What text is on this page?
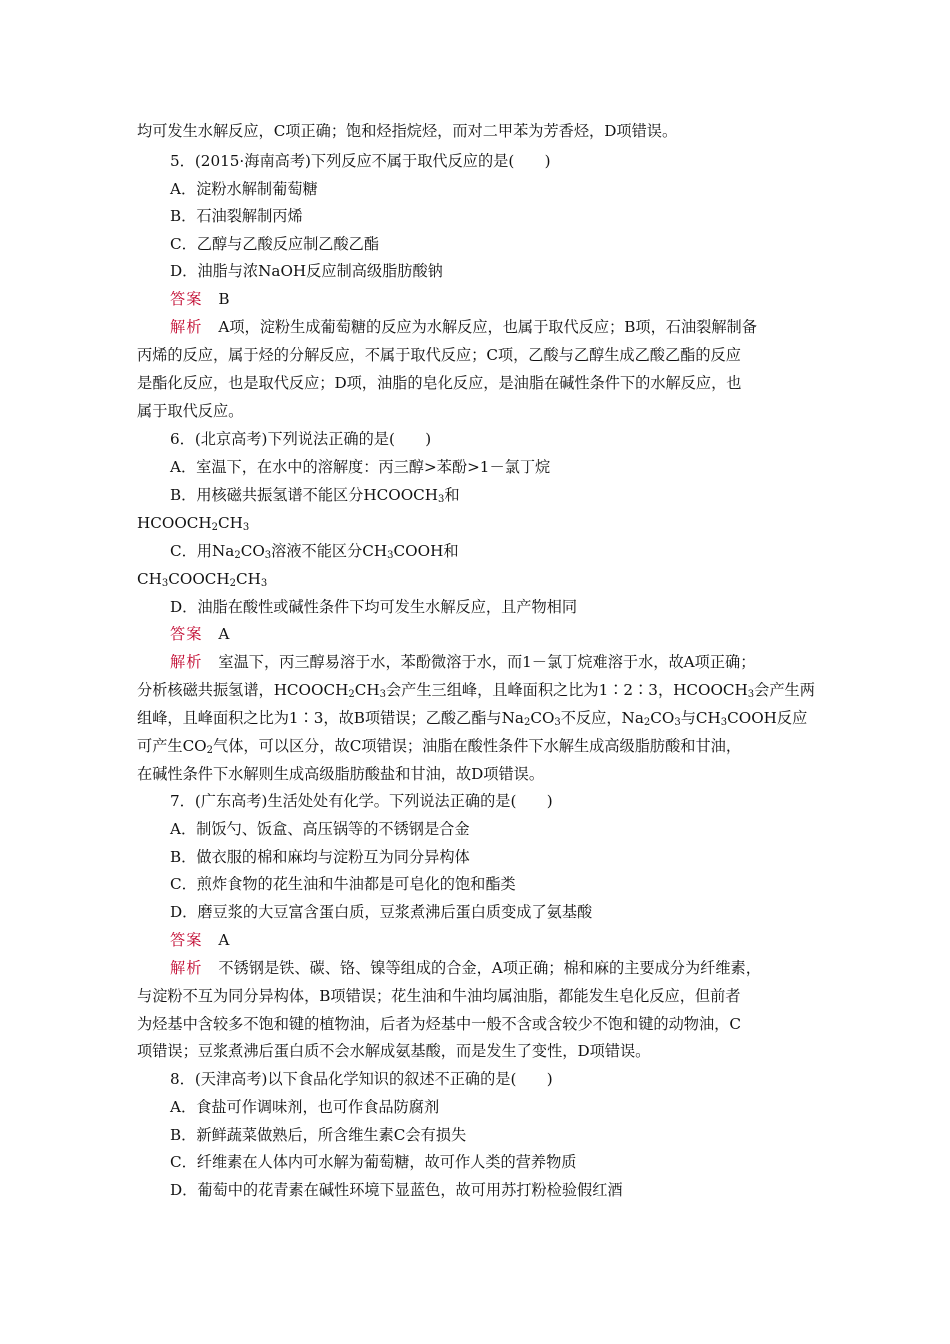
均可发生水解反应，C项正确；饱和烃指烷烃，而对二甲苯为芳香烃，D项错误。
5．(2015·海南高考)下列反应不属于取代反应的是(　　)
A．淀粉水解制葡萄糖
B．石油裂解制丙烯
C．乙醇与乙酸反应制乙酸乙酯
D．油脂与浓NaOH反应制高级脂肪酸钠
答案 B
解析 A项，淀粉生成葡萄糖的反应为水解反应，也属于取代反应；B项，石油裂解制备
丙烯的反应，属于烃的分解反应，不属于取代反应；C项，乙酸与乙醇生成乙酸乙酯的反应
是酯化反应，也是取代反应；D项，油脂的皂化反应，是油脂在碱性条件下的水解反应，也
属于取代反应。
6．(北京高考)下列说法正确的是(　　)
A．室温下，在水中的溶解度：丙三醇>苯酚>1－氯丁烷
B．用核磁共振氢谱不能区分$HCOOCH_3$和
$HCOOCH_2CH_3$
C．用$Na_2CO_3$溶液不能区分$CH_3COOH$和
$CH_3COOCH_2CH_3$
D．油脂在酸性或碱性条件下均可发生水解反应，且产物相同
答案 A
解析 室温下，丙三醇易溶于水，苯酚微溶于水，而1－氯丁烷难溶于水，故A项正确；
分析核磁共振氢谱，$HCOOCH_2CH_3$会产生三组峰，且峰面积之比为1∶2∶3，$HCOOCH_3$会产生两
组峰，且峰面积之比为1∶3，故B项错误；乙酸乙酯与$Na_2CO_3$不反应，$Na_2CO_3$与$CH_3COOH$反应
可产生$CO_2$气体，可以区分，故C项错误；油脂在酸性条件下水解生成高级脂肪酸和甘油，
在碱性条件下水解则生成高级脂肪酸盐和甘油，故D项错误。
7．(广东高考)生活处处有化学。下列说法正确的是(　　)
A．制饭勺、饭盒、高压锅等的不锈钢是合金
B．做衣服的棉和麻均与淀粉互为同分异构体
C．煎炸食物的花生油和牛油都是可皂化的饱和酯类
D．磨豆浆的大豆富含蛋白质，豆浆煮沸后蛋白质变成了氨基酸
答案 A
解析 不锈钢是铁、碳、铬、镍等组成的合金，A项正确；棉和麻的主要成分为纤维素，
与淀粉不互为同分异构体，B项错误；花生油和牛油均属油脂，都能发生皂化反应，但前者
为烃基中含较多不饱和键的植物油，后者为烃基中一般不含或含较少不饱和键的动物油，C
项错误；豆浆煮沸后蛋白质不会水解成氨基酸，而是发生了变性，D项错误。
8．(天津高考)以下食品化学知识的叙述不正确的是(　　)
A．食盐可作调味剂，也可作食品防腐剂
B．新鲜蔬菜做熟后，所含维生素C会有损失
C．纤维素在人体内可水解为葡萄糖，故可作人类的营养物质
D．葡萄中的花青素在碱性环境下显蓝色，故可用苏打粉检验假红酒
